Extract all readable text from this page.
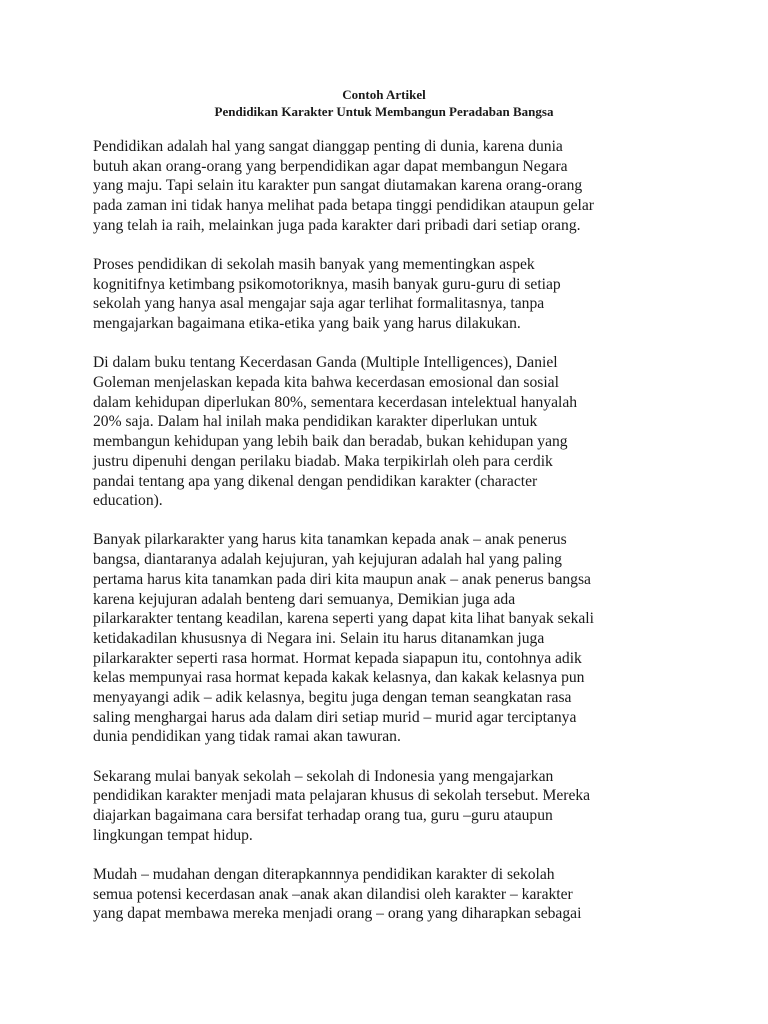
Contoh Artikel
Pendidikan Karakter Untuk Membangun Peradaban Bangsa

Pendidikan adalah hal yang sangat dianggap penting di dunia, karena dunia
butuh akan orang-orang yang berpendidikan agar dapat membangun Negara
yang maju. Tapi selain itu karakter pun sangat diutamakan karena orang-orang
pada zaman ini tidak hanya melihat pada betapa tinggi pendidikan ataupun gelar
yang telah ia raih, melainkan juga pada karakter dari pribadi dari setiap orang.

Proses pendidikan di sekolah masih banyak yang mementingkan aspek
kognitifnya ketimbang psikomotoriknya, masih banyak guru-guru di setiap
sekolah yang hanya asal mengajar saja agar terlihat formalitasnya, tanpa
mengajarkan bagaimana etika-etika yang baik yang harus dilakukan.

Di dalam buku tentang Kecerdasan Ganda (Multiple Intelligences), Daniel
Goleman menjelaskan kepada kita bahwa kecerdasan emosional dan sosial
dalam kehidupan diperlukan 80%, sementara kecerdasan intelektual hanyalah
20% saja. Dalam hal inilah maka pendidikan karakter diperlukan untuk
membangun kehidupan yang lebih baik dan beradab, bukan kehidupan yang
justru dipenuhi dengan perilaku biadab. Maka terpikirlah oleh para cerdik
pandai tentang apa yang dikenal dengan pendidikan karakter (character
education).

Banyak pilarkarakter yang harus kita tanamkan kepada anak – anak penerus
bangsa, diantaranya adalah kejujuran, yah kejujuran adalah hal yang paling
pertama harus kita tanamkan pada diri kita maupun anak – anak penerus bangsa
karena kejujuran adalah benteng dari semuanya, Demikian juga ada
pilarkarakter tentang keadilan, karena seperti yang dapat kita lihat banyak sekali
ketidakadilan khususnya di Negara ini. Selain itu harus ditanamkan juga
pilarkarakter seperti rasa hormat. Hormat kepada siapapun itu, contohnya adik
kelas mempunyai rasa hormat kepada kakak kelasnya, dan kakak kelasnya pun
menyayangi adik – adik kelasnya, begitu juga dengan teman seangkatan rasa
saling menghargai harus ada dalam diri setiap murid – murid agar terciptanya
dunia pendidikan yang tidak ramai akan tawuran.

Sekarang mulai banyak sekolah – sekolah di Indonesia yang mengajarkan
pendidikan karakter menjadi mata pelajaran khusus di sekolah tersebut. Mereka
diajarkan bagaimana cara bersifat terhadap orang tua, guru –guru ataupun
lingkungan tempat hidup.

Mudah – mudahan dengan diterapkannnya pendidikan karakter di sekolah
semua potensi kecerdasan anak –anak akan dilandisi oleh karakter – karakter
yang dapat membawa mereka menjadi orang – orang yang diharapkan sebagai
